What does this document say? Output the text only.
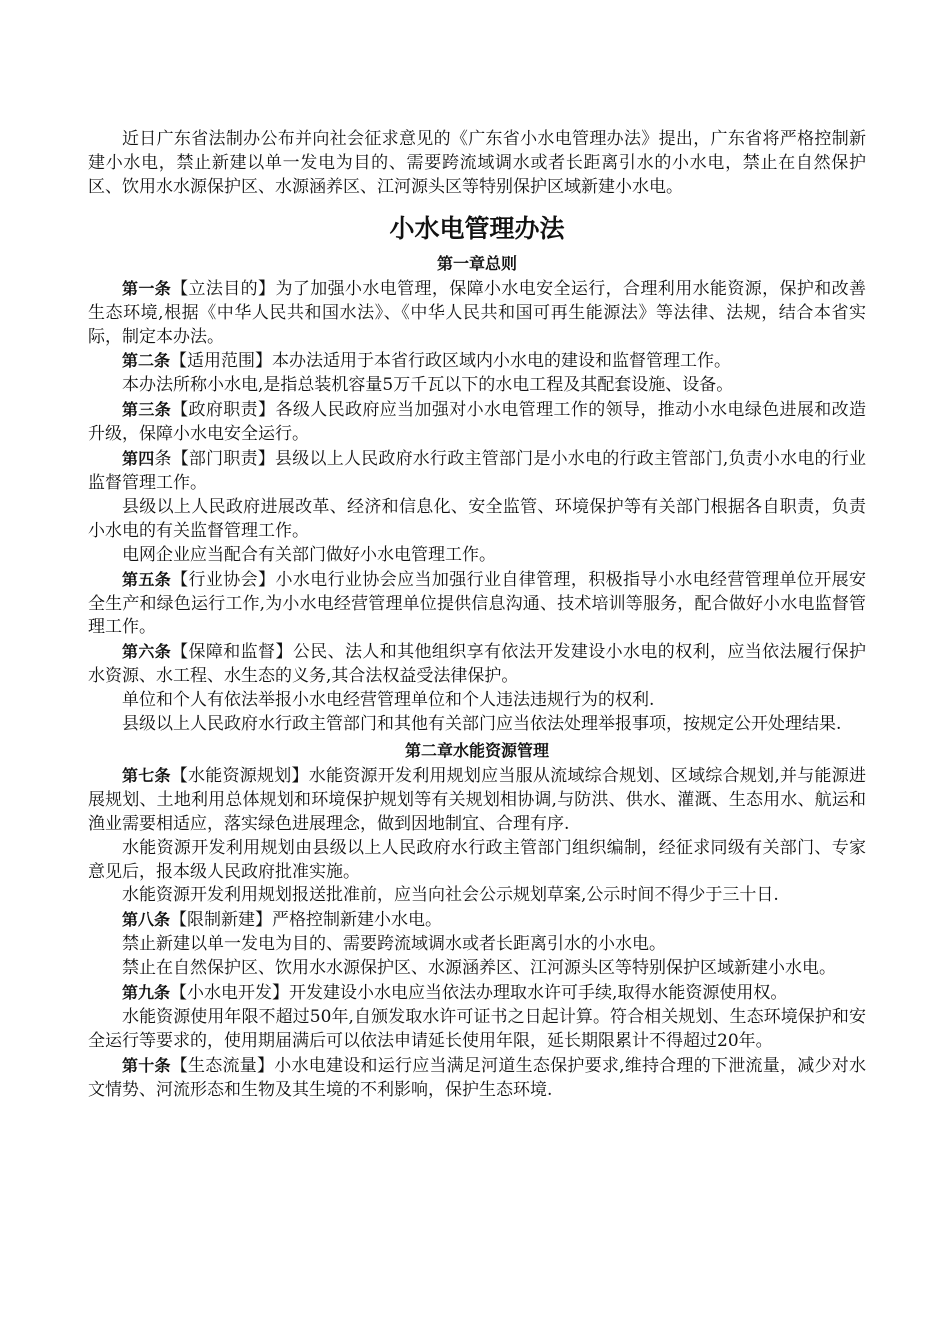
近日广东省法制办公布并向社会征求意见的《广东省小水电管理办法》提出，广东省将严格控制新建小水电，禁止新建以单一发电为目的、需要跨流域调水或者长距离引水的小水电，禁止在自然保护区、饮用水水源保护区、水源涵养区、江河源头区等特别保护区域新建小水电。

小水电管理办法
第一章总则

第一条【立法目的】为了加强小水电管理，保障小水电安全运行，合理利用水能资源，保护和改善生态环境,根据《中华人民共和国水法》、《中华人民共和国可再生能源法》等法律、法规，结合本省实际，制定本办法。

第二条【适用范围】本办法适用于本省行政区域内小水电的建设和监督管理工作。

本办法所称小水电,是指总装机容量5万千瓦以下的水电工程及其配套设施、设备。

第三条【政府职责】各级人民政府应当加强对小水电管理工作的领导，推动小水电绿色进展和改造升级，保障小水电安全运行。

第四条【部门职责】县级以上人民政府水行政主管部门是小水电的行政主管部门,负责小水电的行业监督管理工作。

县级以上人民政府进展改革、经济和信息化、安全监管、环境保护等有关部门根据各自职责，负责小水电的有关监督管理工作。

电网企业应当配合有关部门做好小水电管理工作。

第五条【行业协会】小水电行业协会应当加强行业自律管理，积极指导小水电经营管理单位开展安全生产和绿色运行工作,为小水电经营管理单位提供信息沟通、技术培训等服务，配合做好小水电监督管理工作。

第六条【保障和监督】公民、法人和其他组织享有依法开发建设小水电的权利，应当依法履行保护水资源、水工程、水生态的义务,其合法权益受法律保护。

单位和个人有依法举报小水电经营管理单位和个人违法违规行为的权利.

县级以上人民政府水行政主管部门和其他有关部门应当依法处理举报事项，按规定公开处理结果.

第二章水能资源管理

第七条【水能资源规划】水能资源开发利用规划应当服从流域综合规划、区域综合规划,并与能源进展规划、土地利用总体规划和环境保护规划等有关规划相协调,与防洪、供水、灌溉、生态用水、航运和渔业需要相适应，落实绿色进展理念，做到因地制宜、合理有序.

水能资源开发利用规划由县级以上人民政府水行政主管部门组织编制，经征求同级有关部门、专家意见后，报本级人民政府批准实施。

水能资源开发利用规划报送批准前，应当向社会公示规划草案,公示时间不得少于三十日.

第八条【限制新建】严格控制新建小水电。

禁止新建以单一发电为目的、需要跨流域调水或者长距离引水的小水电。

禁止在自然保护区、饮用水水源保护区、水源涵养区、江河源头区等特别保护区域新建小水电。

第九条【小水电开发】开发建设小水电应当依法办理取水许可手续,取得水能资源使用权。

水能资源使用年限不超过50年,自颁发取水许可证书之日起计算。符合相关规划、生态环境保护和安全运行等要求的，使用期届满后可以依法申请延长使用年限，延长期限累计不得超过20年。

第十条【生态流量】小水电建设和运行应当满足河道生态保护要求,维持合理的下泄流量，减少对水文情势、河流形态和生物及其生境的不利影响，保护生态环境.
